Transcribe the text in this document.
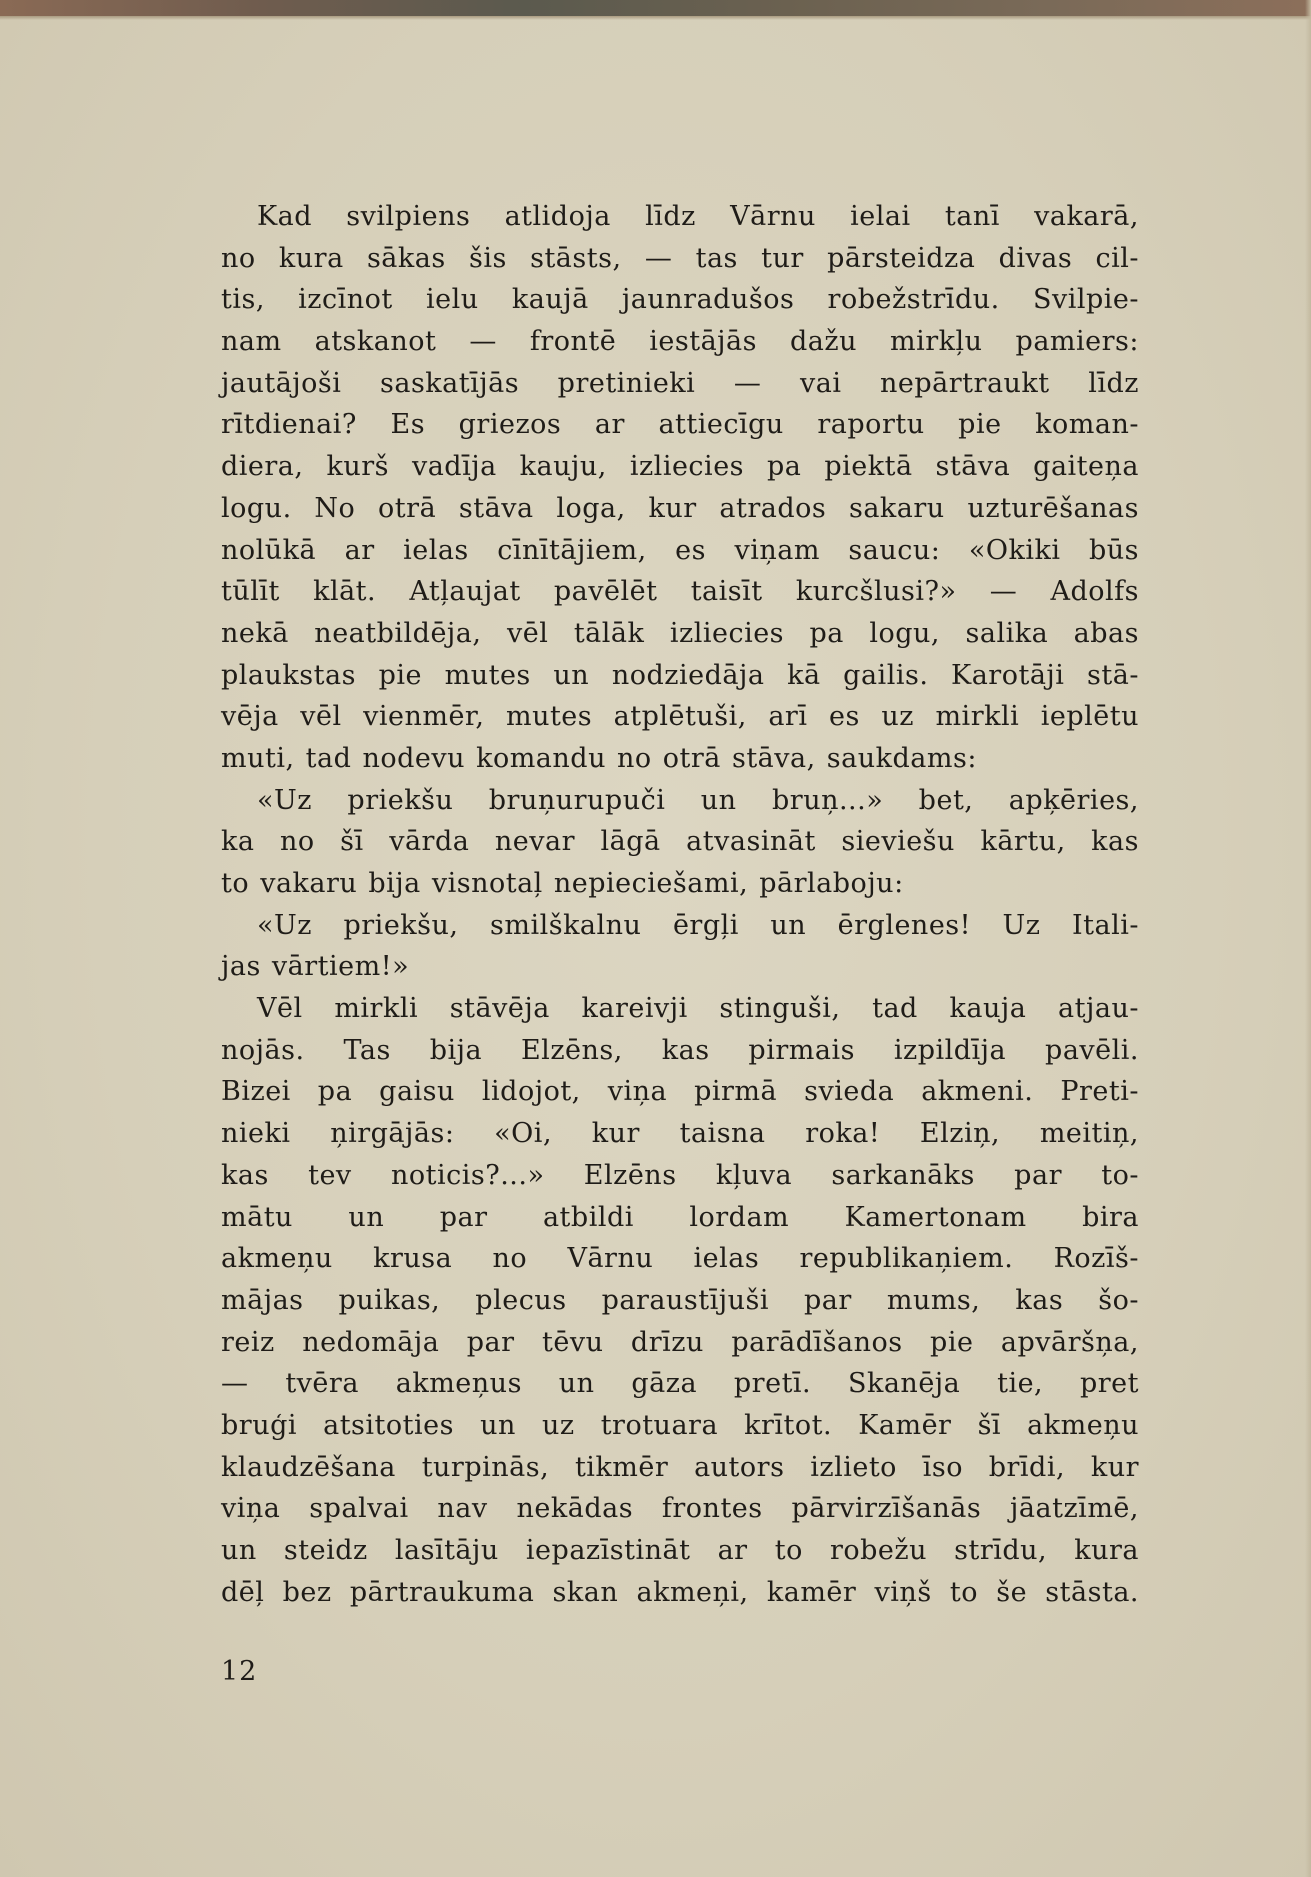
Kad svilpiens atlidoja līdz Vārnu ielai tanī vakarā,
no kura sākas šis stāsts, — tas tur pārsteidza divas cil-
tis, izcīnot ielu kaujā jaunradušos robežstrīdu. Svilpie-
nam atskanot — frontē iestājās dažu mirkļu pamiers:
jautājoši saskatījās pretinieki — vai nepārtraukt līdz
rītdienai? Es griezos ar attiecīgu raportu pie koman-
diera, kurš vadīja kauju, izliecies pa piektā stāva gaiteņa
logu. No otrā stāva loga, kur atrados sakaru uzturēšanas
nolūkā ar ielas cīnītājiem, es viņam saucu: «Okiki būs
tūlīt klāt. Atļaujat pavēlēt taisīt kurcšlusi?» — Adolfs
nekā neatbildēja, vēl tālāk izliecies pa logu, salika abas
plaukstas pie mutes un nodziedāja kā gailis. Karotāji stā-
vēja vēl vienmēr, mutes atplētuši, arī es uz mirkli ieplētu
muti, tad nodevu komandu no otrā stāva, saukdams:
«Uz priekšu bruņurupuči un bruņ...» bet, apķēries,
ka no šī vārda nevar lāgā atvasināt sieviešu kārtu, kas
to vakaru bija visnotaļ nepieciešami, pārlaboju:
«Uz priekšu, smilškalnu ērgļi un ērglenes! Uz Itali-
jas vārtiem!»
Vēl mirkli stāvēja kareivji stinguši, tad kauja atjau-
nojās. Tas bija Elzēns, kas pirmais izpildīja pavēli.
Bizei pa gaisu lidojot, viņa pirmā svieda akmeni. Preti-
nieki ņirgājās: «Oi, kur taisna roka! Elziņ, meitiņ,
kas tev noticis?...» Elzēns kļuva sarkanāks par to-
mātu un par atbildi lordam Kamertonam bira
akmeņu krusa no Vārnu ielas republikaņiem. Rozīš-
mājas puikas, plecus paraustījuši par mums, kas šo-
reiz nedomāja par tēvu drīzu parādīšanos pie apvāršņa,
— tvēra akmeņus un gāza pretī. Skanēja tie, pret
bruģi atsitoties un uz trotuara krītot. Kamēr šī akmeņu
klaudzēšana turpinās, tikmēr autors izlieto īso brīdi, kur
viņa spalvai nav nekādas frontes pārvirzīšanās jāatzīmē,
un steidz lasītāju iepazīstināt ar to robežu strīdu, kura
dēļ bez pārtraukuma skan akmeņi, kamēr viņš to še stāsta.
12
